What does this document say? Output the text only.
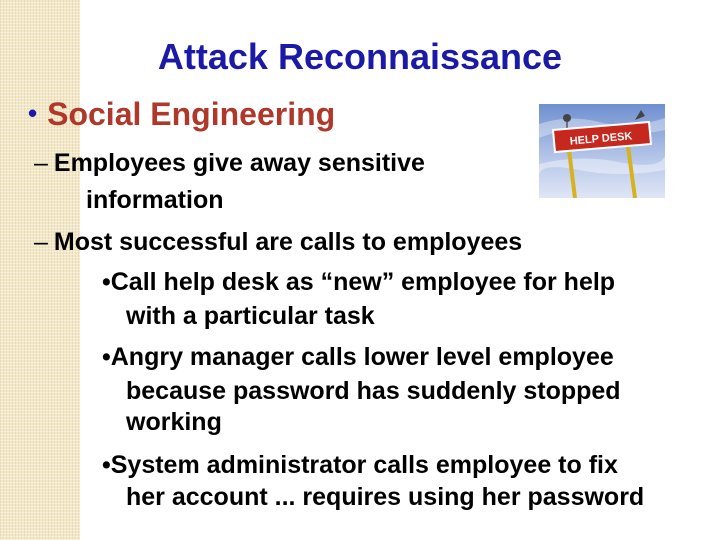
Attack Reconnaissance
• Social Engineering
– Employees give away sensitive
information
– Most successful are calls to employees
•Call help desk as “new” employee for help
with a particular task
•Angry manager calls lower level employee
because password has suddenly stopped
working
•System administrator calls employee to fix
her account ... requires using her password
HELP DESK
